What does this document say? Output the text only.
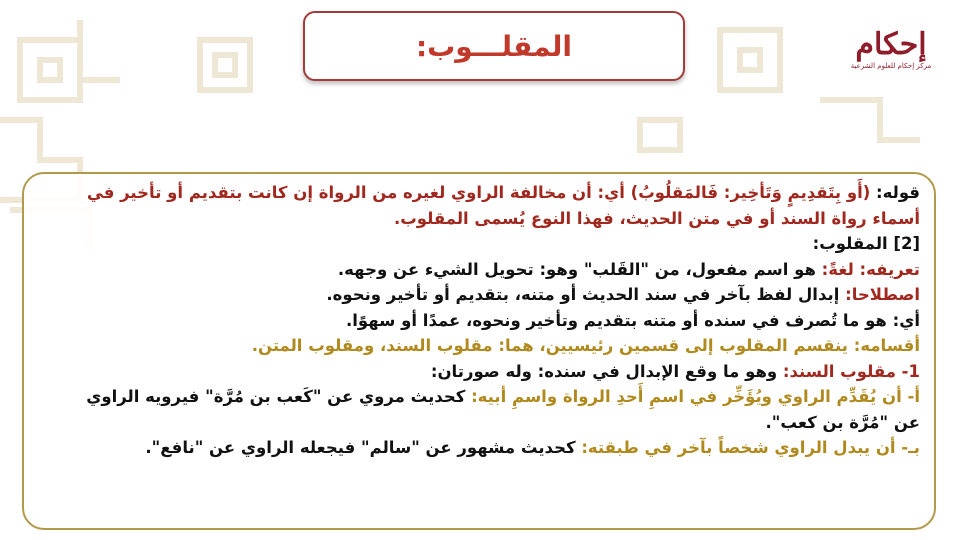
المقلـــوب:	إحكام
مركز إحكام للعلوم الشرعية
قوله: (أَو بِتَقدِيمٍ وَتَأخِير: فَالمَقلُوبُ) أي: أن مخالفة الراوي لغيره من الرواة إن كانت بتقديم أو تأخير في
أسماء رواة السند أو في متن الحديث، فهذا النوع يُسمى المقلوب.
[2] المقلوب:
تعريفه: لغةً: هو اسم مفعول، من "القَلب" وهو: تحويل الشيء عن وجهه.
اصطلاحا: إبدال لفظ بآخر في سند الحديث أو متنه، بتقديم أو تأخير ونحوه.
أي: هو ما تُصرف في سنده أو متنه بتقديم وتأخير ونحوه، عمدًا أو سهوًا.
أقسامه: ينقسم المقلوب إلى قسمين رئيسيين، هما: مقلوب السند، ومقلوب المتن.
1- مقلوب السند: وهو ما وقع الإبدال في سنده: وله صورتان:
أ- أن يُقَدِّم الراوي ويُؤَخِّر في اسمِ أَحدِ الرواة واسمِ أبيه: كحديث مروي عن "كَعب بن مُرَّة" فيرويه الراوي
عن "مُرَّة بن كعب".
بـ- أن يبدل الراوي شخصاً بآخر في طبقته: كحديث مشهور عن "سالم" فيجعله الراوي عن "نافع".
